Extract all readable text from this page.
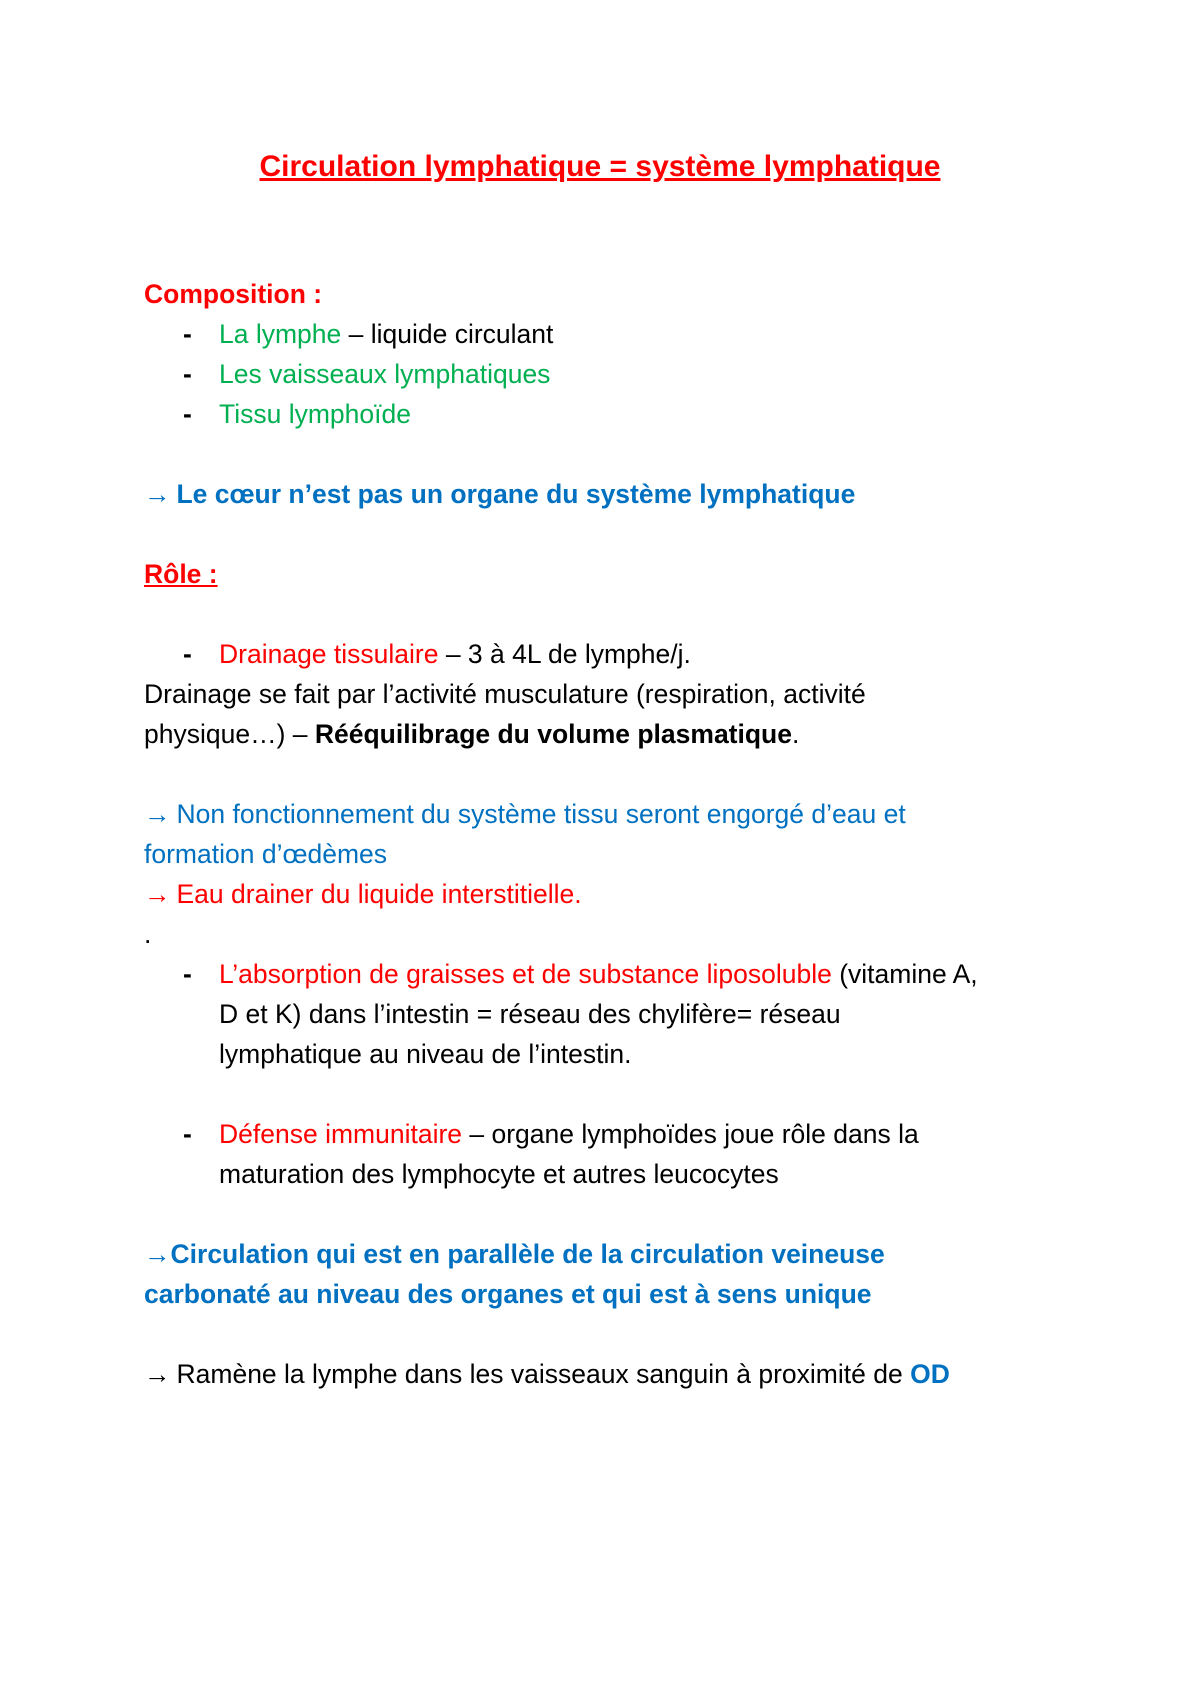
Circulation lymphatique = système lymphatique
Composition :
- La lymphe – liquide circulant
- Les vaisseaux lymphatiques
- Tissu lymphoïde
→ Le cœur n’est pas un organe du système lymphatique
Rôle :
- Drainage tissulaire – 3 à 4L de lymphe/j.
Drainage se fait par l’activité musculature (respiration, activité
physique…) – Rééquilibrage du volume plasmatique.
→ Non fonctionnement du système tissu seront engorgé d’eau et
formation d’œdèmes
→ Eau drainer du liquide interstitielle.
.
- L’absorption de graisses et de substance liposoluble (vitamine A,
D et K) dans l’intestin = réseau des chylifère= réseau
lymphatique au niveau de l’intestin.
- Défense immunitaire – organe lymphoïdes joue rôle dans la
maturation des lymphocyte et autres leucocytes
→Circulation qui est en parallèle de la circulation veineuse
carbonaté au niveau des organes et qui est à sens unique
→ Ramène la lymphe dans les vaisseaux sanguin à proximité de OD
